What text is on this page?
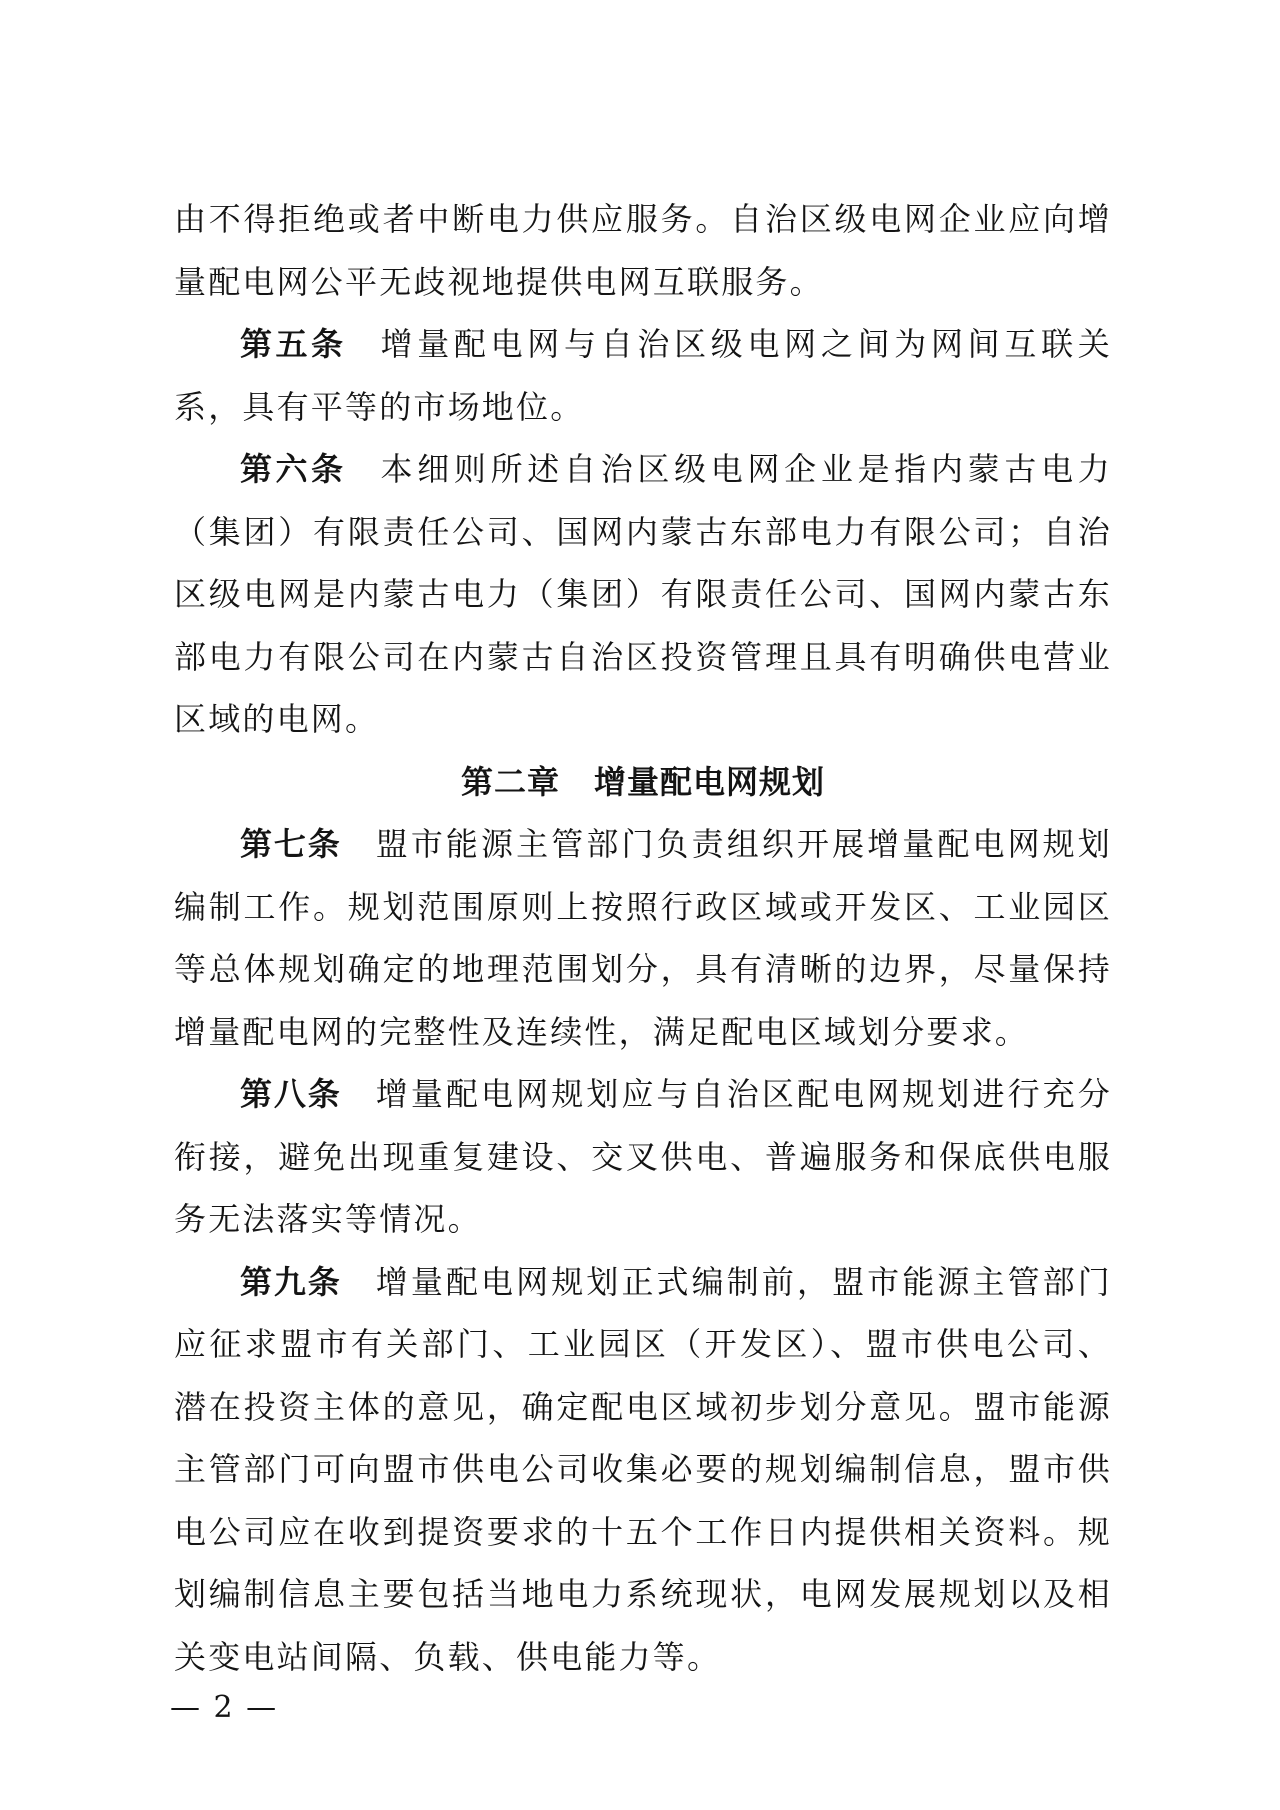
由不得拒绝或者中断电力供应服务。自治区级电网企业应向增量配电网公平无歧视地提供电网互联服务。

第五条 增量配电网与自治区级电网之间为网间互联关系，具有平等的市场地位。

第六条 本细则所述自治区级电网企业是指内蒙古电力（集团）有限责任公司、国网内蒙古东部电力有限公司；自治区级电网是内蒙古电力（集团）有限责任公司、国网内蒙古东部电力有限公司在内蒙古自治区投资管理且具有明确供电营业区域的电网。

第二章 增量配电网规划

第七条 盟市能源主管部门负责组织开展增量配电网规划编制工作。规划范围原则上按照行政区域或开发区、工业园区等总体规划确定的地理范围划分，具有清晰的边界，尽量保持增量配电网的完整性及连续性，满足配电区域划分要求。

第八条 增量配电网规划应与自治区配电网规划进行充分衔接，避免出现重复建设、交叉供电、普遍服务和保底供电服务无法落实等情况。

第九条 增量配电网规划正式编制前，盟市能源主管部门应征求盟市有关部门、工业园区（开发区）、盟市供电公司、潜在投资主体的意见，确定配电区域初步划分意见。盟市能源主管部门可向盟市供电公司收集必要的规划编制信息，盟市供电公司应在收到提资要求的十五个工作日内提供相关资料。规划编制信息主要包括当地电力系统现状，电网发展规划以及相关变电站间隔、负载、供电能力等。

— 2 —
